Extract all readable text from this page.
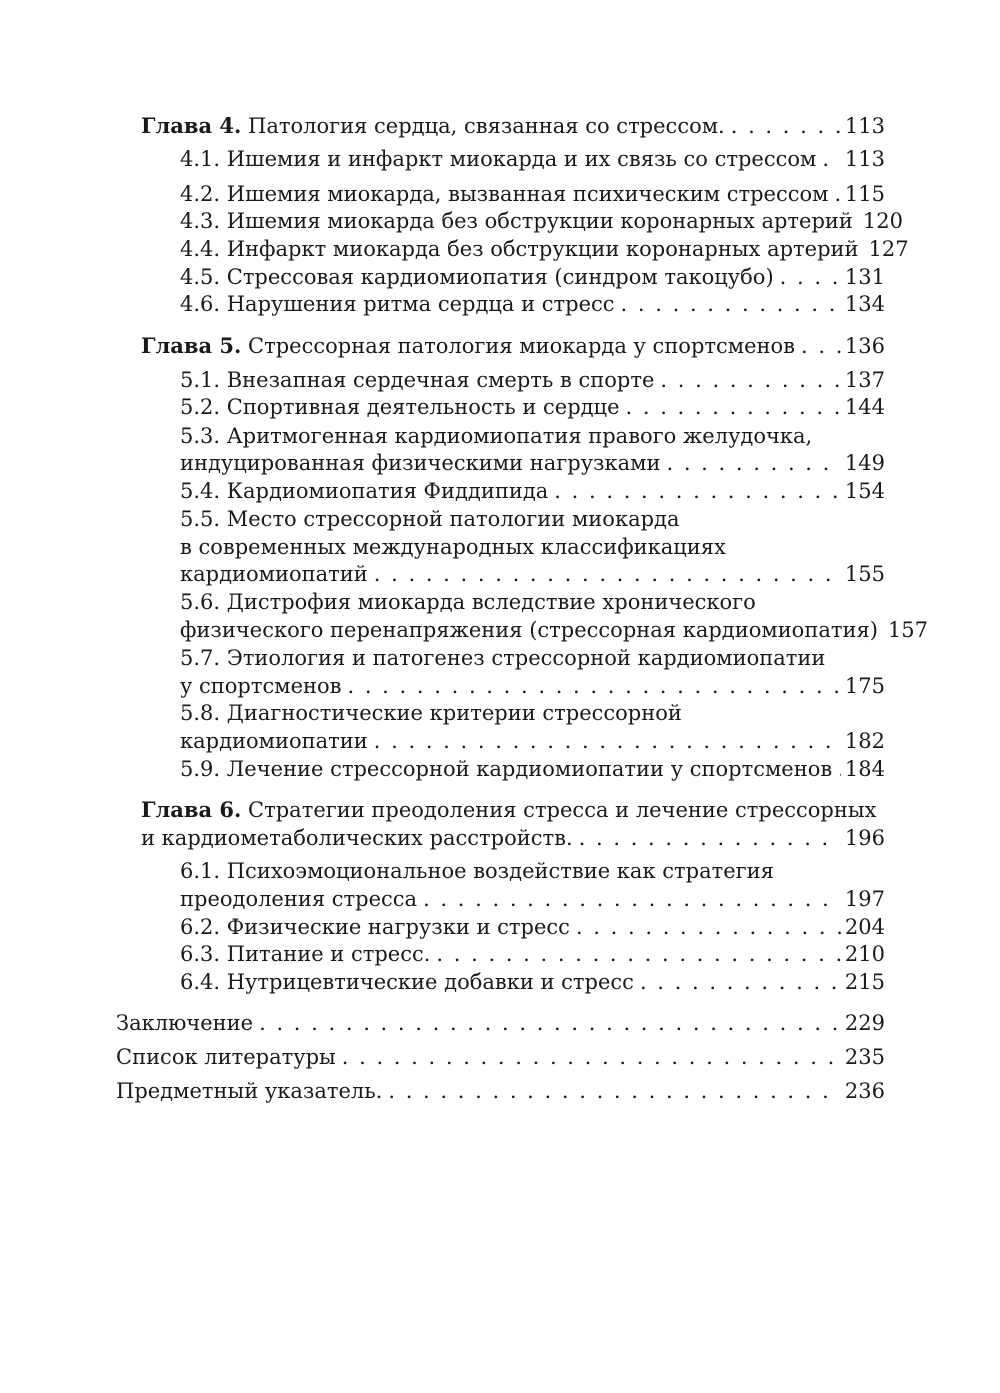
Глава 4. Патология сердца, связанная со стрессом. . . .	113
4.1. Ишемия и инфаркт миокарда и их связь со стрессом . . . 113
4.2. Ишемия миокарда, вызванная психическим стрессом . . . 115
4.3. Ишемия миокарда без обструкции коронарных артерий 120
4.4. Инфаркт миокарда без обструкции коронарных артерий 127
4.5. Стрессовая кардиомиопатия (синдром такоцубо) . . .	131
4.6. Нарушения ритма сердца и стресс . . .	134
Глава 5. Стрессорная патология миокарда у спортсменов . . . 136
5.1. Внезапная сердечная смерть в спорте . . .	137
5.2. Спортивная деятельность и сердце . . .	144
5.3. Аритмогенная кардиомиопатия правого желудочка,
индуцированная физическими нагрузками . . .	149
5.4. Кардиомиопатия Фиддипида . . .	154
5.5. Место стрессорной патологии миокарда
в современных международных классификациях
кардиомиопатий . . .	155
5.6. Дистрофия миокарда вследствие хронического
физического перенапряжения (стрессорная кардиомиопатия) 157
5.7. Этиология и патогенез стрессорной кардиомиопатии
у спортсменов . . .	175
5.8. Диагностические критерии стрессорной
кардиомиопатии . . .	182
5.9. Лечение стрессорной кардиомиопатии у спортсменов . . . 184
Глава 6. Стратегии преодоления стресса и лечение стрессорных
и кардиометаболических расстройств. . . .	196
6.1. Психоэмоциональное воздействие как стратегия
преодоления стресса . . .	197
6.2. Физические нагрузки и стресс . . .	204
6.3. Питание и стресс. . . .	210
6.4. Нутрицевтические добавки и стресс . . .	215
Заключение . . .	229
Список литературы . . .	235
Предметный указатель. . . .	236
